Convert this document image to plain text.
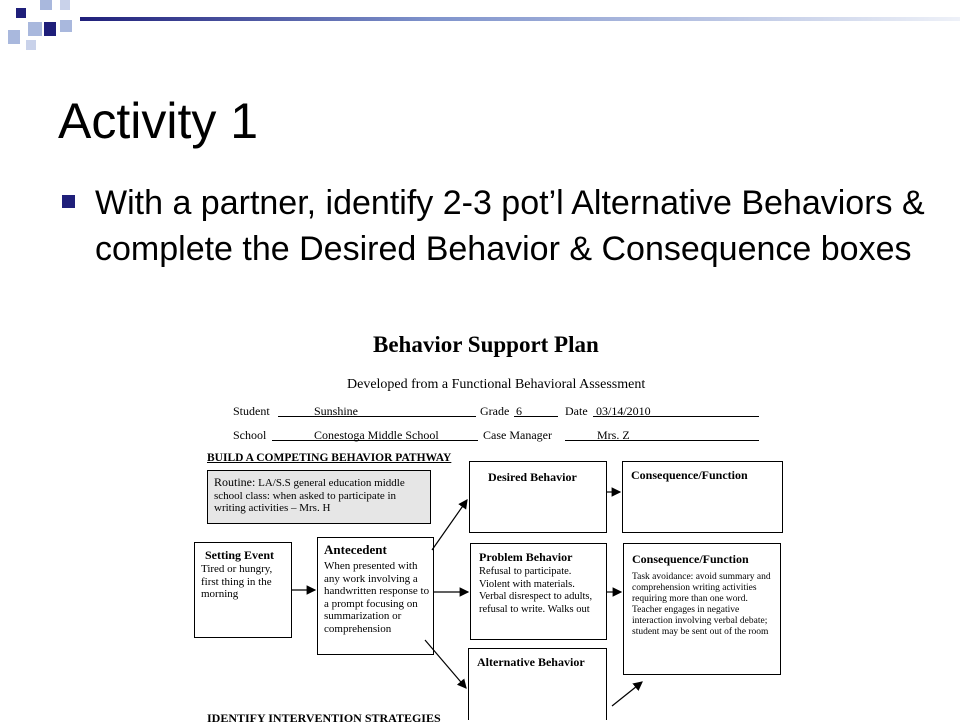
Activity 1
With a partner, identify 2-3 pot’l Alternative Behaviors & complete the Desired Behavior & Consequence boxes
Behavior Support Plan
Developed from a Functional Behavioral Assessment
Student	Sunshine	Grade 6	Date 03/14/2010
School	Conestoga Middle School	Case Manager	Mrs. Z
BUILD A COMPETING BEHAVIOR PATHWAY
Routine: LA/S.S general education middle school class: when asked to participate in writing activities – Mrs. H
Setting Event
Tired or hungry, first thing in the morning
Antecedent
When presented with any work involving a handwritten response to a prompt focusing on summarization or comprehension
Desired Behavior	Consequence/Function
Problem Behavior
Refusal to participate. Violent with materials. Verbal disrespect to adults, refusal to write. Walks out
Consequence/Function
Task avoidance: avoid summary and comprehension writing activities requiring more than one word. Teacher engages in negative interaction involving verbal debate; student may be sent out of the room
Alternative Behavior
IDENTIFY INTERVENTION STRATEGIES
